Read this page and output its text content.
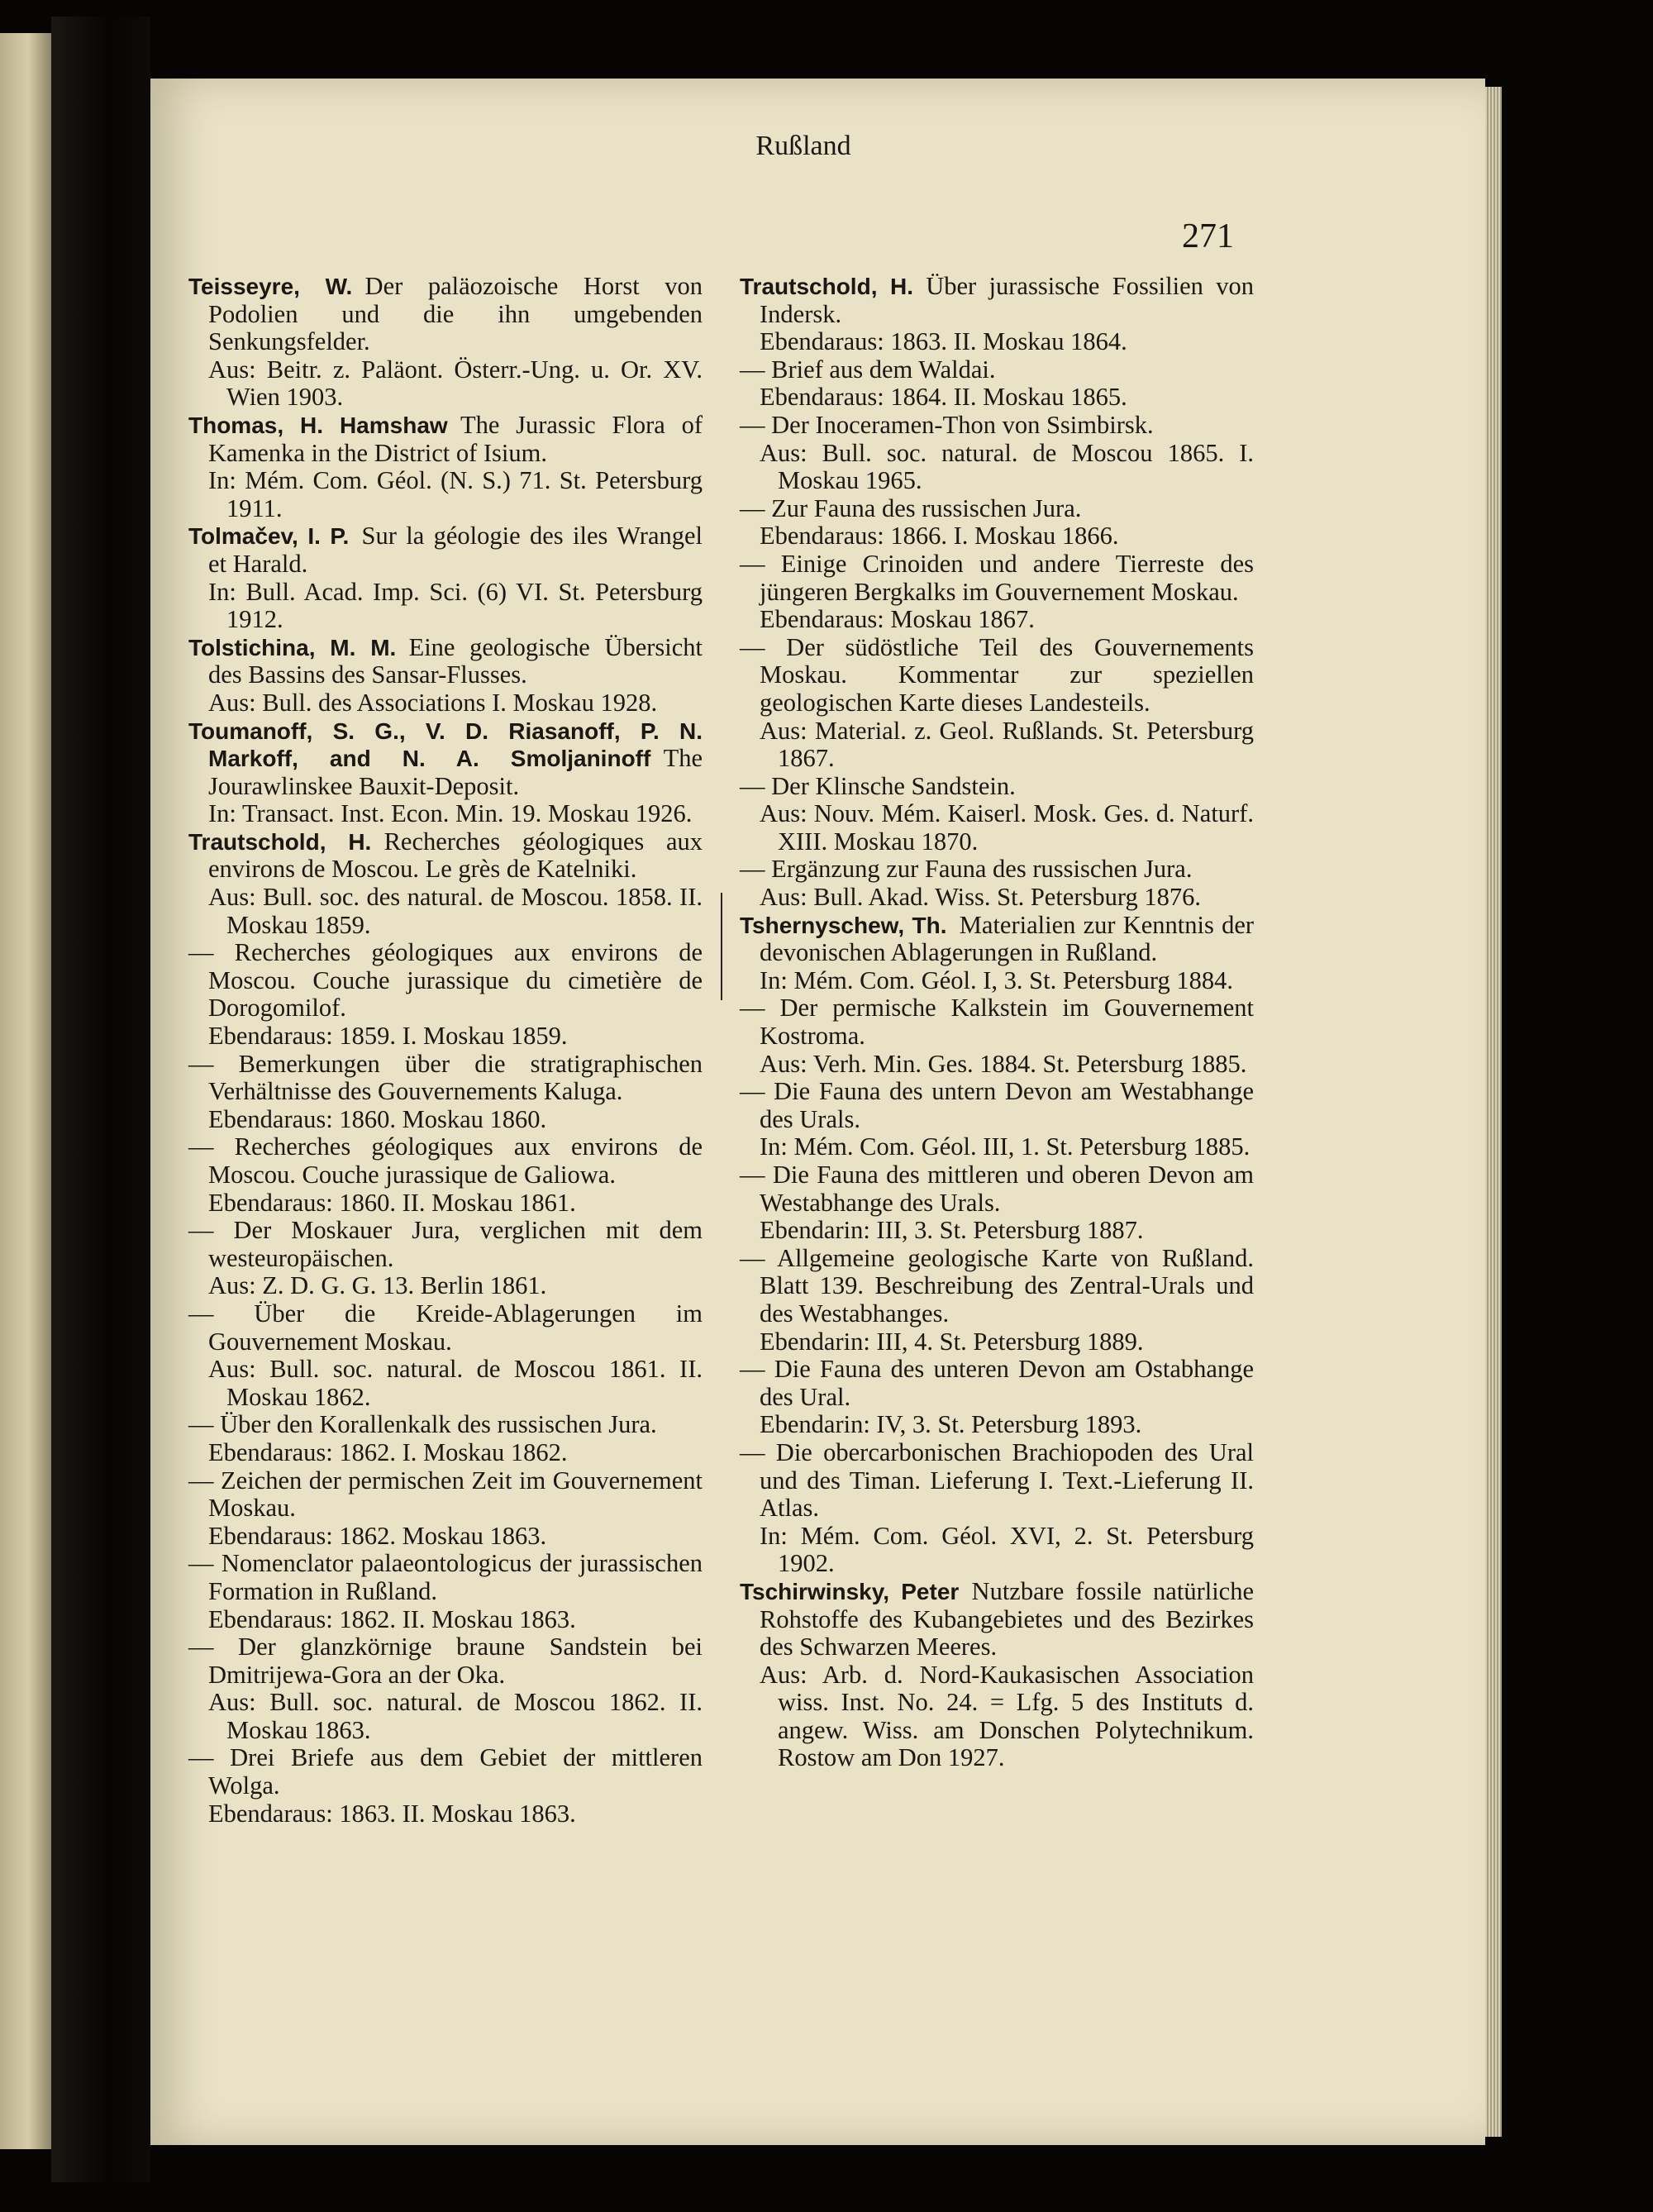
Rußland
271

Teisseyre, W.  Der paläozoische Horst von Podolien und die ihn umgebenden Senkungsfelder.

Aus: Beitr. z. Paläont. Österr.-Ung. u. Or. XV. Wien 1903.

Thomas, H. Hamshaw  The Jurassic Flora of Kamenka in the District of Isium.

In: Mém. Com. Géol. (N. S.) 71. St. Petersburg 1911.

Tolmačev, I. P.  Sur la géologie des iles Wrangel et Harald.

In: Bull. Acad. Imp. Sci. (6) VI. St. Petersburg 1912.

Tolstichina, M. M.  Eine geologische Übersicht des Bassins des Sansar-Flusses.

Aus: Bull. des Associations I. Moskau 1928.

Toumanoff, S. G., V. D. Riasanoff, P. N. Markoff, and N. A. Smoljaninoff  The Jourawlinskee Bauxit-Deposit.

In: Transact. Inst. Econ. Min. 19. Moskau 1926.

Trautschold, H.  Recherches géologiques aux environs de Moscou. Le grès de Katelniki.

Aus: Bull. soc. des natural. de Moscou. 1858. II. Moskau 1859.

— Recherches géologiques aux environs de Moscou. Couche jurassique du cimetière de Dorogomilof.

Ebendaraus: 1859. I. Moskau 1859.

— Bemerkungen über die stratigraphischen Verhältnisse des Gouvernements Kaluga.

Ebendaraus: 1860. Moskau 1860.

— Recherches géologiques aux environs de Moscou. Couche jurassique de Galiowa.

Ebendaraus: 1860. II. Moskau 1861.

— Der Moskauer Jura, verglichen mit dem westeuropäischen.

Aus: Z. D. G. G. 13. Berlin 1861.

— Über die Kreide-Ablagerungen im Gouvernement Moskau.

Aus: Bull. soc. natural. de Moscou 1861. II. Moskau 1862.

— Über den Korallenkalk des russischen Jura.

Ebendaraus: 1862. I. Moskau 1862.

— Zeichen der permischen Zeit im Gouvernement Moskau.

Ebendaraus: 1862. Moskau 1863.

— Nomenclator palaeontologicus der jurassischen Formation in Rußland.

Ebendaraus: 1862. II. Moskau 1863.

— Der glanzkörnige braune Sandstein bei Dmitrijewa-Gora an der Oka.

Aus: Bull. soc. natural. de Moscou 1862. II. Moskau 1863.

— Drei Briefe aus dem Gebiet der mittleren Wolga.

Ebendaraus: 1863. II. Moskau 1863.

Trautschold, H.  Über jurassische Fossilien von Indersk.

Ebendaraus: 1863. II. Moskau 1864.

— Brief aus dem Waldai.

Ebendaraus: 1864. II. Moskau 1865.

— Der Inoceramen-Thon von Ssimbirsk.

Aus: Bull. soc. natural. de Moscou 1865. I. Moskau 1965.

— Zur Fauna des russischen Jura.

Ebendaraus: 1866. I. Moskau 1866.

— Einige Crinoiden und andere Tierreste des jüngeren Bergkalks im Gouvernement Moskau.

Ebendaraus: Moskau 1867.

— Der südöstliche Teil des Gouvernements Moskau. Kommentar zur speziellen geologischen Karte dieses Landesteils.

Aus: Material. z. Geol. Rußlands. St. Petersburg 1867.

— Der Klinsche Sandstein.

Aus: Nouv. Mém. Kaiserl. Mosk. Ges. d. Naturf. XIII. Moskau 1870.

— Ergänzung zur Fauna des russischen Jura.

Aus: Bull. Akad. Wiss. St. Petersburg 1876.

Tshernyschew, Th.  Materialien zur Kenntnis der devonischen Ablagerungen in Rußland.

In: Mém. Com. Géol. I, 3. St. Petersburg 1884.

— Der permische Kalkstein im Gouvernement Kostroma.

Aus: Verh. Min. Ges. 1884. St. Petersburg 1885.

— Die Fauna des untern Devon am Westabhange des Urals.

In: Mém. Com. Géol. III, 1. St. Petersburg 1885.

— Die Fauna des mittleren und oberen Devon am Westabhange des Urals.

Ebendarin: III, 3. St. Petersburg 1887.

— Allgemeine geologische Karte von Rußland. Blatt 139. Beschreibung des Zentral-Urals und des Westabhanges.

Ebendarin: III, 4. St. Petersburg 1889.

— Die Fauna des unteren Devon am Ostabhange des Ural.

Ebendarin: IV, 3. St. Petersburg 1893.

— Die obercarbonischen Brachiopoden des Ural und des Timan. Lieferung I. Text.-Lieferung II. Atlas.

In: Mém. Com. Géol. XVI, 2. St. Petersburg 1902.

Tschirwinsky, Peter  Nutzbare fossile natürliche Rohstoffe des Kubangebietes und des Bezirkes des Schwarzen Meeres.

Aus: Arb. d. Nord-Kaukasischen Association wiss. Inst. No. 24. = Lfg. 5 des Instituts d. angew. Wiss. am Donschen Polytechnikum. Rostow am Don 1927.
